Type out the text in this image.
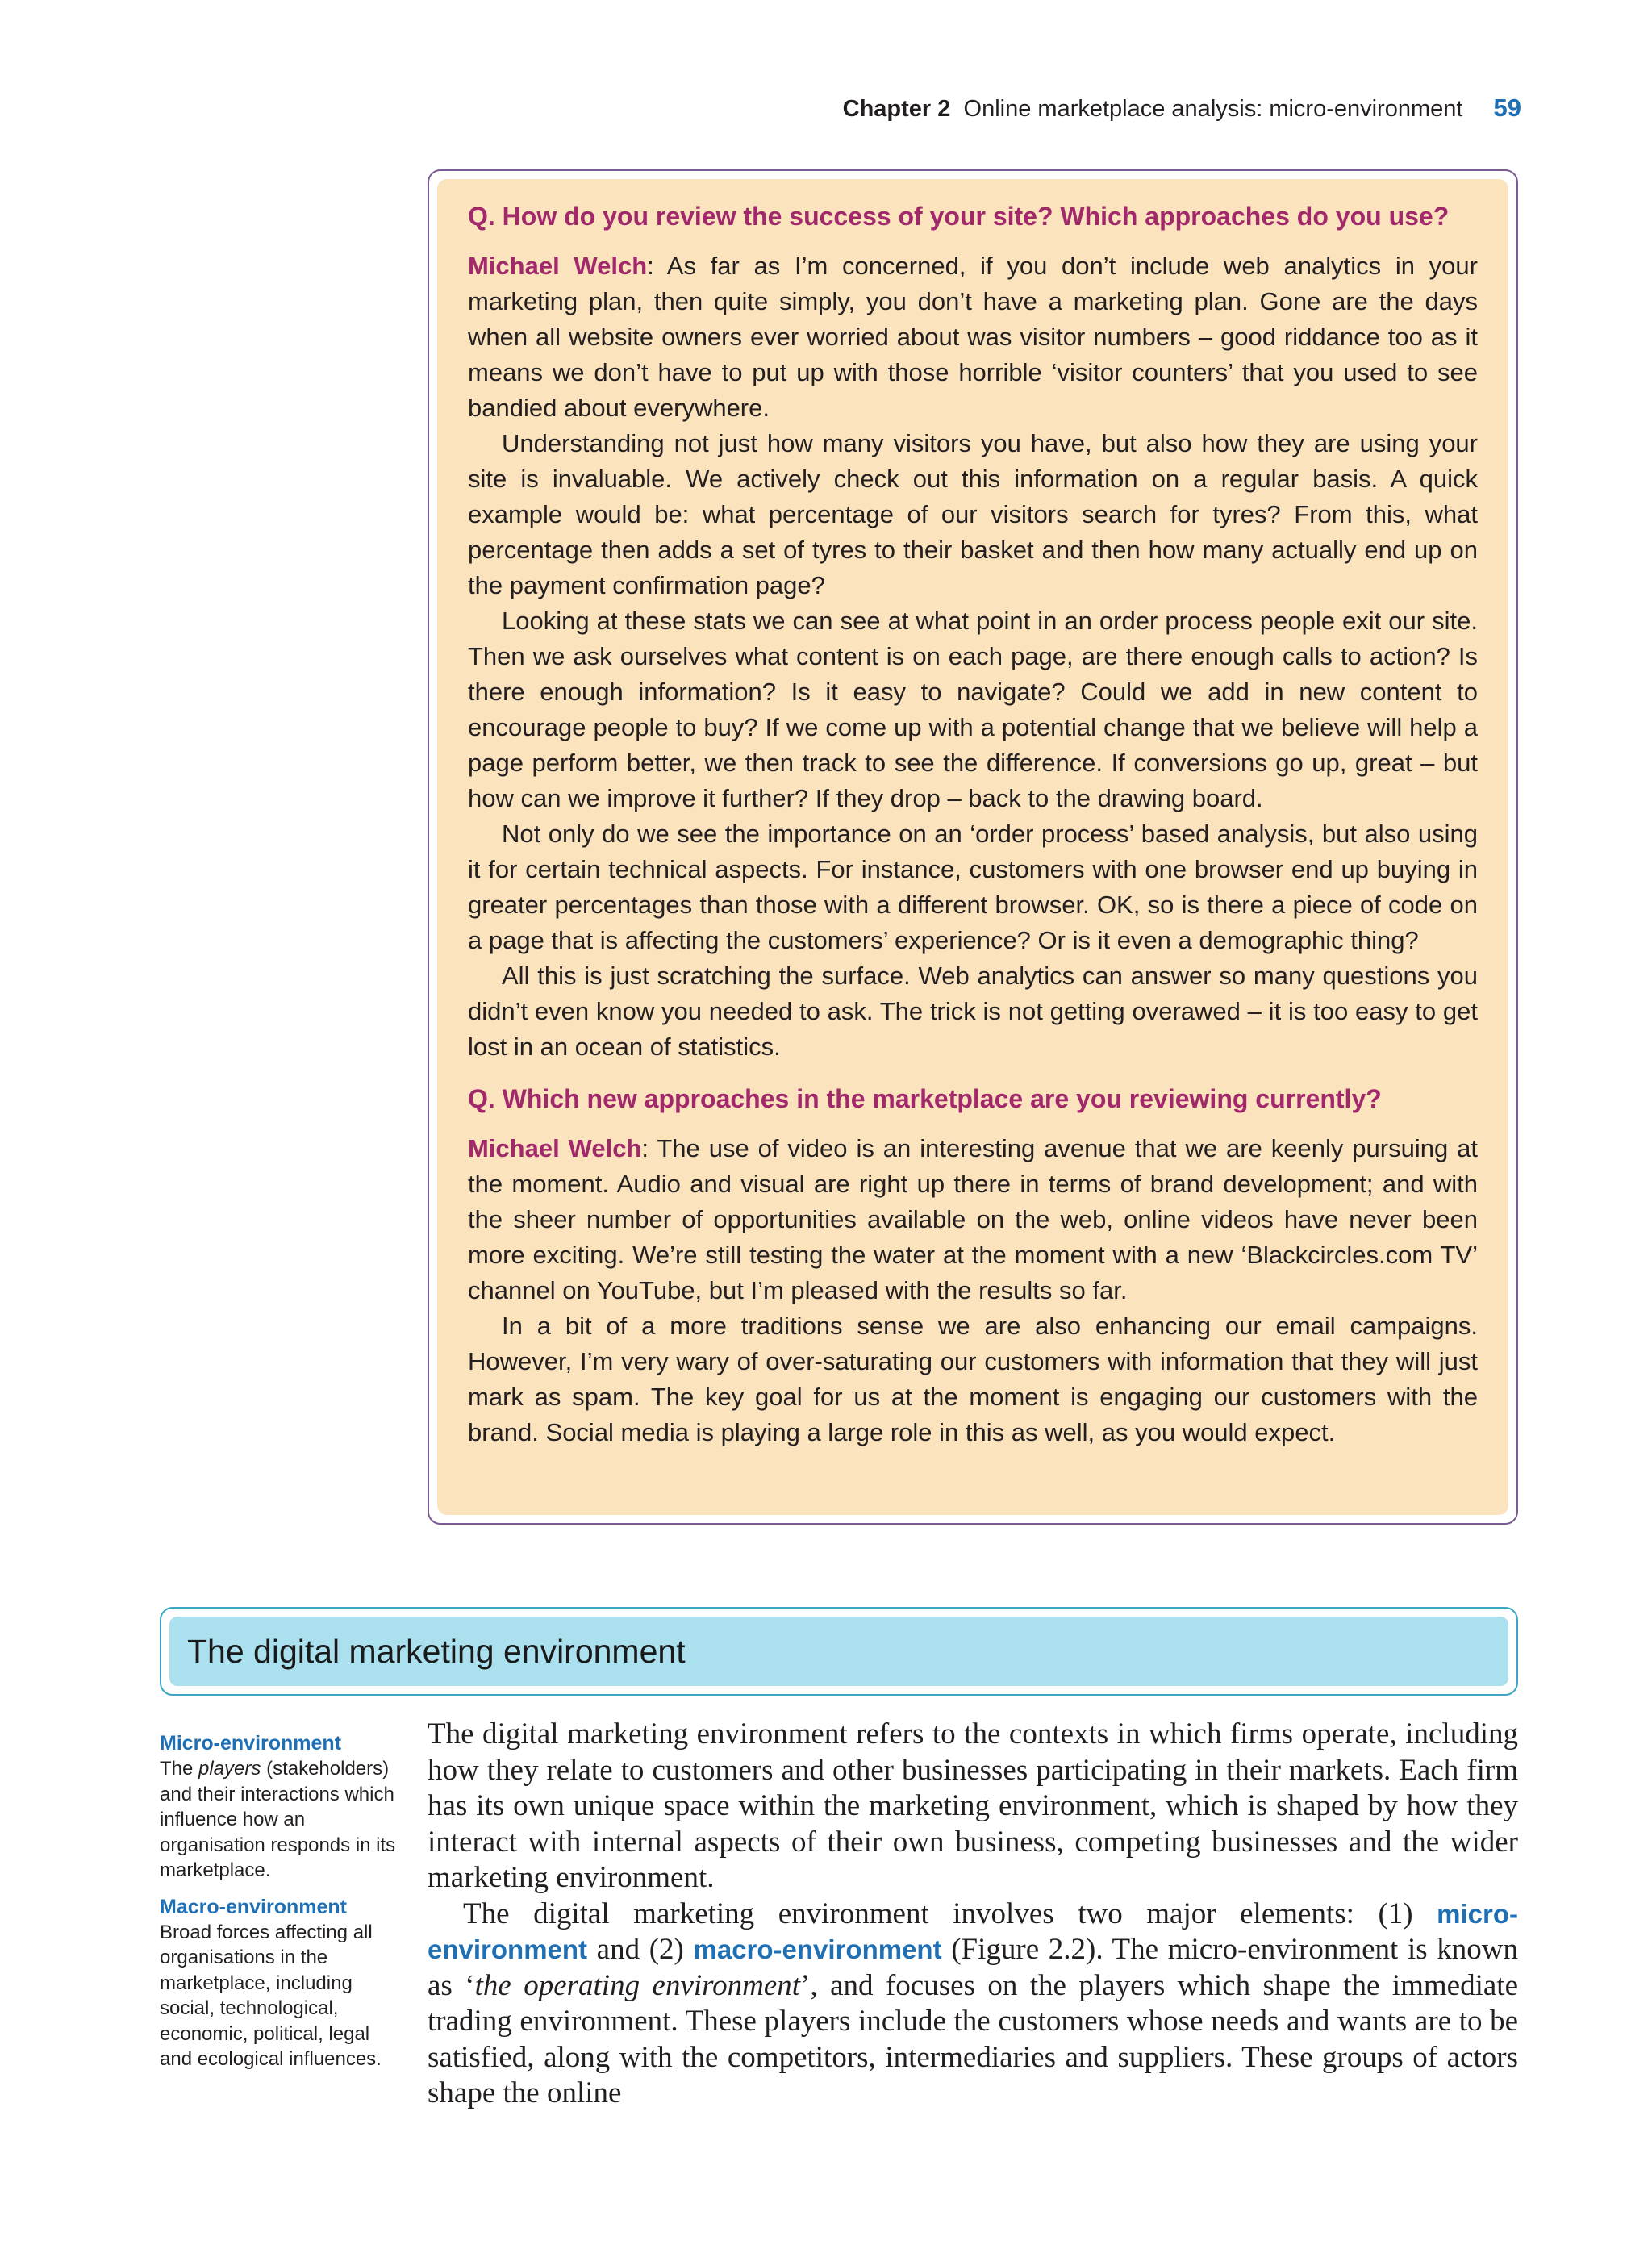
Chapter 2 Online marketplace analysis: micro-environment 59
Q. How do you review the success of your site? Which approaches do you use?

Michael Welch: As far as I’m concerned, if you don’t include web analytics in your marketing plan, then quite simply, you don’t have a marketing plan. Gone are the days when all website owners ever worried about was visitor numbers – good riddance too as it means we don’t have to put up with those horrible ‘visitor counters’ that you used to see bandied about everywhere.

Understanding not just how many visitors you have, but also how they are using your site is invaluable. We actively check out this information on a regular basis. A quick example would be: what percentage of our visitors search for tyres? From this, what percentage then adds a set of tyres to their basket and then how many actually end up on the payment confirmation page?

Looking at these stats we can see at what point in an order process people exit our site. Then we ask ourselves what content is on each page, are there enough calls to action? Is there enough information? Is it easy to navigate? Could we add in new content to encourage people to buy? If we come up with a potential change that we believe will help a page perform better, we then track to see the difference. If conversions go up, great – but how can we improve it further? If they drop – back to the drawing board.

Not only do we see the importance on an ‘order process’ based analysis, but also using it for certain technical aspects. For instance, customers with one browser end up buying in greater percentages than those with a different browser. OK, so is there a piece of code on a page that is affecting the customers’ experience? Or is it even a demographic thing?

All this is just scratching the surface. Web analytics can answer so many questions you didn’t even know you needed to ask. The trick is not getting overawed – it is too easy to get lost in an ocean of statistics.

Q. Which new approaches in the marketplace are you reviewing currently?

Michael Welch: The use of video is an interesting avenue that we are keenly pursuing at the moment. Audio and visual are right up there in terms of brand development; and with the sheer number of opportunities available on the web, online videos have never been more exciting. We’re still testing the water at the moment with a new ‘Blackcircles.com TV’ channel on YouTube, but I’m pleased with the results so far.

In a bit of a more traditions sense we are also enhancing our email campaigns. However, I’m very wary of over-saturating our customers with information that they will just mark as spam. The key goal for us at the moment is engaging our customers with the brand. Social media is playing a large role in this as well, as you would expect.

The digital marketing environment
Micro-environment
The players (stakeholders) and their interactions which influence how an organisation responds in its marketplace.
Macro-environment
Broad forces affecting all organisations in the marketplace, including social, technological, economic, political, legal and ecological influences.

The digital marketing environment refers to the contexts in which firms operate, including how they relate to customers and other businesses participating in their markets. Each firm has its own unique space within the marketing environment, which is shaped by how they interact with internal aspects of their own business, competing businesses and the wider marketing environment.

The digital marketing environment involves two major elements: (1) micro-environment and (2) macro-environment (Figure 2.2). The micro-environment is known as ‘the operating environment’, and focuses on the players which shape the immediate trading environment. These players include the customers whose needs and wants are to be satisfied, along with the competitors, intermediaries and suppliers. These groups of actors shape the online
